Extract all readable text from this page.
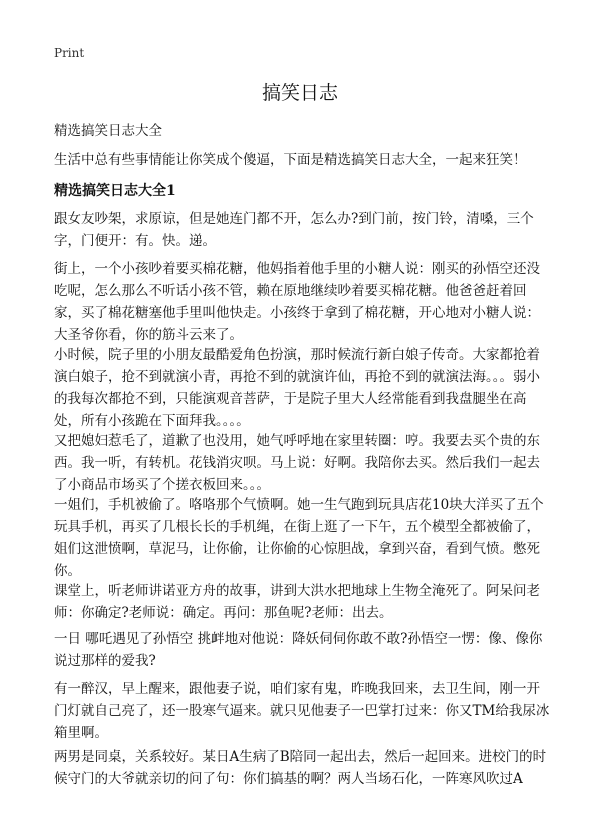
Print
搞笑日志

精选搞笑日志大全

生活中总有些事情能让你笑成个傻逼，下面是精选搞笑日志大全，一起来狂笑！

精选搞笑日志大全1

跟女友吵架，求原谅，但是她连门都不开，怎么办?到门前，按门铃，清嗓，三个字，门便开：有。快。递。

街上，一个小孩吵着要买棉花糖，他妈指着他手里的小糖人说：刚买的孙悟空还没吃呢，怎么那么不听话小孩不管，赖在原地继续吵着要买棉花糖。他爸爸赶着回家，买了棉花糖塞他手里叫他快走。小孩终于拿到了棉花糖，开心地对小糖人说：大圣爷你看，你的筋斗云来了。

小时候，院子里的小朋友最酷爱角色扮演，那时候流行新白娘子传奇。大家都抢着演白娘子，抢不到就演小青，再抢不到的就演许仙，再抢不到的就演法海。。。弱小的我每次都抢不到，只能演观音菩萨，于是院子里大人经常能看到我盘腿坐在高处，所有小孩跪在下面拜我。。。。

又把媳妇惹毛了，道歉了也没用，她气呼呼地在家里转圈：哼。我要去买个贵的东西。我一听，有转机。花钱消灾呗。马上说：好啊。我陪你去买。然后我们一起去了小商品市场买了个搓衣板回来。。。

一姐们，手机被偷了。咯咯那个气愤啊。她一生气跑到玩具店花10块大洋买了五个玩具手机，再买了几根长长的手机绳，在街上逛了一下午，五个模型全都被偷了，姐们这泄愤啊，草泥马，让你偷，让你偷的心惊胆战，拿到兴奋，看到气愤。憋死你。

课堂上，听老师讲诺亚方舟的故事，讲到大洪水把地球上生物全淹死了。阿呆问老师：你确定?老师说：确定。再问：那鱼呢?老师：出去。

一日 哪吒遇见了孙悟空 挑衅地对他说：降妖伺伺你敢不敢?孙悟空一愣：像、像你说过那样的爱我?

有一醉汉，早上醒来，跟他妻子说，咱们家有鬼，昨晚我回来，去卫生间，刚一开门灯就自己亮了，还一股寒气逼来。就只见他妻子一巴掌打过来：你又TM给我尿冰箱里啊。

两男是同桌，关系较好。某日A生病了B陪同一起出去，然后一起回来。进校门的时候守门的大爷就亲切的问了句：你们搞基的啊？两人当场石化，一阵寒风吹过A
